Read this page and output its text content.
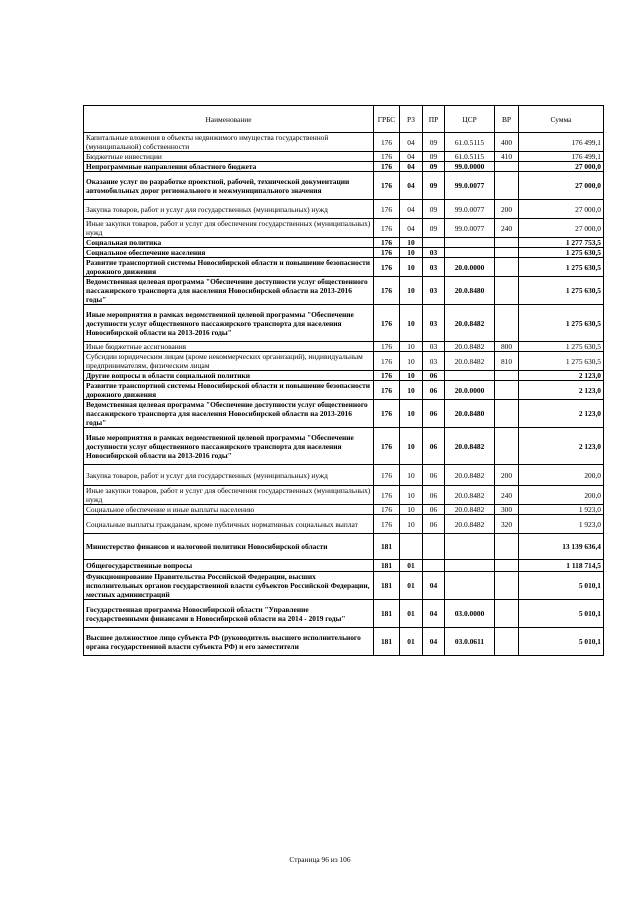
Наименование	ГРБС	РЗ	ПР	ЦСР	ВР	Сумма
Капитальные вложения в объекты недвижимого имущества государственной (муниципальной) собственности	176	04	09	61.0.5115	400	176 499,1
Бюджетные инвестиции	176	04	09	61.0.5115	410	176 499,1
Непрограммные направления областного бюджета	176	04	09	99.0.0000		27 000,0
Оказание услуг по разработке проектной, рабочей, технической документации автомобильных дорог регионального и межмуниципального значения	176	04	09	99.0.0077		27 000,0
Закупка товаров, работ и услуг для государственных (муниципальных) нужд	176	04	09	99.0.0077	200	27 000,0
Иные закупки товаров, работ и услуг для обеспечения государственных (муниципальных) нужд	176	04	09	99.0.0077	240	27 000,0
Социальная политика	176	10				1 277 753,5
Социальное обеспечение населения	176	10	03			1 275 630,5
Развитие транспортной системы Новосибирской области и повышение безопасности дорожного движения	176	10	03	20.0.0000		1 275 630,5
Ведомственная целевая программа "Обеспечение доступности услуг общественного пассажирского транспорта для населения Новосибирской области на 2013-2016 годы"	176	10	03	20.0.8480		1 275 630,5
Иные мероприятия в рамках ведомственной целевой программы "Обеспечение доступности услуг общественного пассажирского транспорта для населения Новосибирской области на 2013-2016 годы"	176	10	03	20.0.8482		1 275 630,5
Иные бюджетные ассигнования	176	10	03	20.0.8482	800	1 275 630,5
Субсидии юридическим лицам (кроме некоммерческих организаций), индивидуальным предпринимателям, физическим лицам	176	10	03	20.0.8482	810	1 275 630,5
Другие вопросы в области социальной политики	176	10	06			2 123,0
Развитие транспортной системы Новосибирской области и повышение безопасности дорожного движения	176	10	06	20.0.0000		2 123,0
Ведомственная целевая программа "Обеспечение доступности услуг общественного пассажирского транспорта для населения Новосибирской области на 2013-2016 годы"	176	10	06	20.0.8480		2 123,0
Иные мероприятия в рамках ведомственной целевой программы "Обеспечение доступности услуг общественного пассажирского транспорта для населения Новосибирской области на 2013-2016 годы"	176	10	06	20.0.8482		2 123,0
Закупка товаров, работ и услуг для государственных (муниципальных) нужд	176	10	06	20.0.8482	200	200,0
Иные закупки товаров, работ и услуг для обеспечения государственных (муниципальных) нужд	176	10	06	20.0.8482	240	200,0
Социальное обеспечение и иные выплаты населению	176	10	06	20.0.8482	300	1 923,0
Социальные выплаты гражданам, кроме публичных нормативных социальных выплат	176	10	06	20.0.8482	320	1 923,0
Министерство финансов и налоговой политики Новосибирской области	181					13 139 636,4
Общегосударственные вопросы	181	01				1 118 714,5
Функционирование Правительства Российской Федерации, высших исполнительных органов государственной власти субъектов Российской Федерации, местных администраций	181	01	04			5 010,1
Государственная программа Новосибирской области "Управление государственными финансами в Новосибирской области на 2014 - 2019 годы"	181	01	04	03.0.0000		5 010,1
Высшее должностное лицо субъекта РФ (руководитель высшего исполнительного органа государственной власти субъекта РФ) и его заместители	181	01	04	03.0.0611		5 010,1
Страница 96 из 106
